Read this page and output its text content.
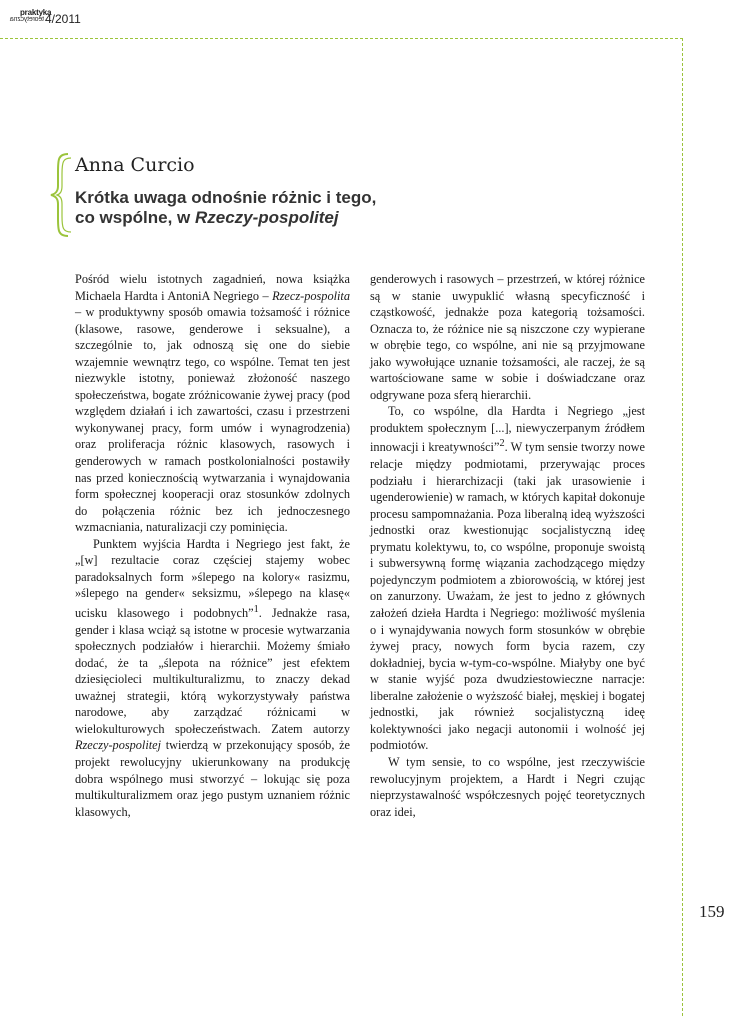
praktyka
teoretyczna 4/2011
Anna Curcio
Krótka uwaga odnośnie różnic i tego,
co wspólne, w Rzeczy-pospolitej

Pośród wielu istotnych zagadnień, nowa książka Michaela Hardta i AntoniA Negriego – Rzecz-pospolita – w produktywny sposób omawia tożsamość i różnice (klasowe, rasowe, genderowe i seksualne), a szczególnie to, jak odnoszą się one do siebie wzajemnie wewnątrz tego, co wspólne. Temat ten jest niezwykle istotny, ponieważ złożoność naszego społeczeństwa, bogate zróżnicowanie żywej pracy (pod względem działań i ich zawartości, czasu i przestrzeni wykonywanej pracy, form umów i wynagrodzenia) oraz proliferacja różnic klasowych, rasowych i genderowych w ramach postkolonialności postawiły nas przed koniecznością wytwarzania i wynajdowania form społecznej kooperacji oraz stosunków zdolnych do połączenia różnic bez ich jednoczesnego wzmacniania, naturalizacji czy pominięcia.

Punktem wyjścia Hardta i Negriego jest fakt, że „[w] rezultacie coraz częściej stajemy wobec paradoksalnych form »ślepego na kolory« rasizmu, »ślepego na gender« seksizmu, »ślepego na klasę« ucisku klasowego i podobnych”$^1$. Jednakże rasa, gender i klasa wciąż są istotne w procesie wytwarzania społecznych podziałów i hierarchii. Możemy śmiało dodać, że ta „ślepota na różnice” jest efektem dziesięcioleci multikulturalizmu, to znaczy dekad uważnej strategii, którą wykorzystywały państwa narodowe, aby zarządzać różnicami w wielokulturowych społeczeństwach. Zatem autorzy Rzeczy-pospolitej twierdzą w przekonujący sposób, że projekt rewolucyjny ukierunkowany na produkcję dobra wspólnego musi stworzyć – lokując się poza multikulturalizmem oraz jego pustym uznaniem różnic klasowych,

genderowych i rasowych – przestrzeń, w której różnice są w stanie uwypuklić własną specyficzność i cząstkowość, jednakże poza kategorią tożsamości. Oznacza to, że różnice nie są niszczone czy wypierane w obrębie tego, co wspólne, ani nie są przyjmowane jako wywołujące uznanie tożsamości, ale raczej, że są wartościowane same w sobie i doświadczane oraz odgrywane poza sferą hierarchii.

To, co wspólne, dla Hardta i Negriego „jest produktem społecznym [...], niewyczerpanym źródłem innowacji i kreatywności”$^2$. W tym sensie tworzy nowe relacje między podmiotami, przerywając proces podziału i hierarchizacji (taki jak urasowienie i ugenderowienie) w ramach, w których kapitał dokonuje procesu sampomnażania. Poza liberalną ideą wyższości jednostki oraz kwestionując socjalistyczną ideę prymatu kolektywu, to, co wspólne, proponuje swoistą i subwersywną formę wiązania zachodzącego między pojedynczym podmiotem a zbiorowością, w której jest on zanurzony. Uważam, że jest to jedno z głównych założeń dzieła Hardta i Negriego: możliwość myślenia o i wynajdywania nowych form stosunków w obrębie żywej pracy, nowych form bycia razem, czy dokładniej, bycia w-tym-co-wspólne. Miałyby one być w stanie wyjść poza dwudziestowieczne narracje: liberalne założenie o wyższość białej, męskiej i bogatej jednostki, jak również socjalistyczną ideę kolektywności jako negacji autonomii i wolność jej podmiotów.

W tym sensie, to co wspólne, jest rzeczywiście rewolucyjnym projektem, a Hardt i Negri czując nieprzystawalność współczesnych pojęć teoretycznych oraz idei,

159
